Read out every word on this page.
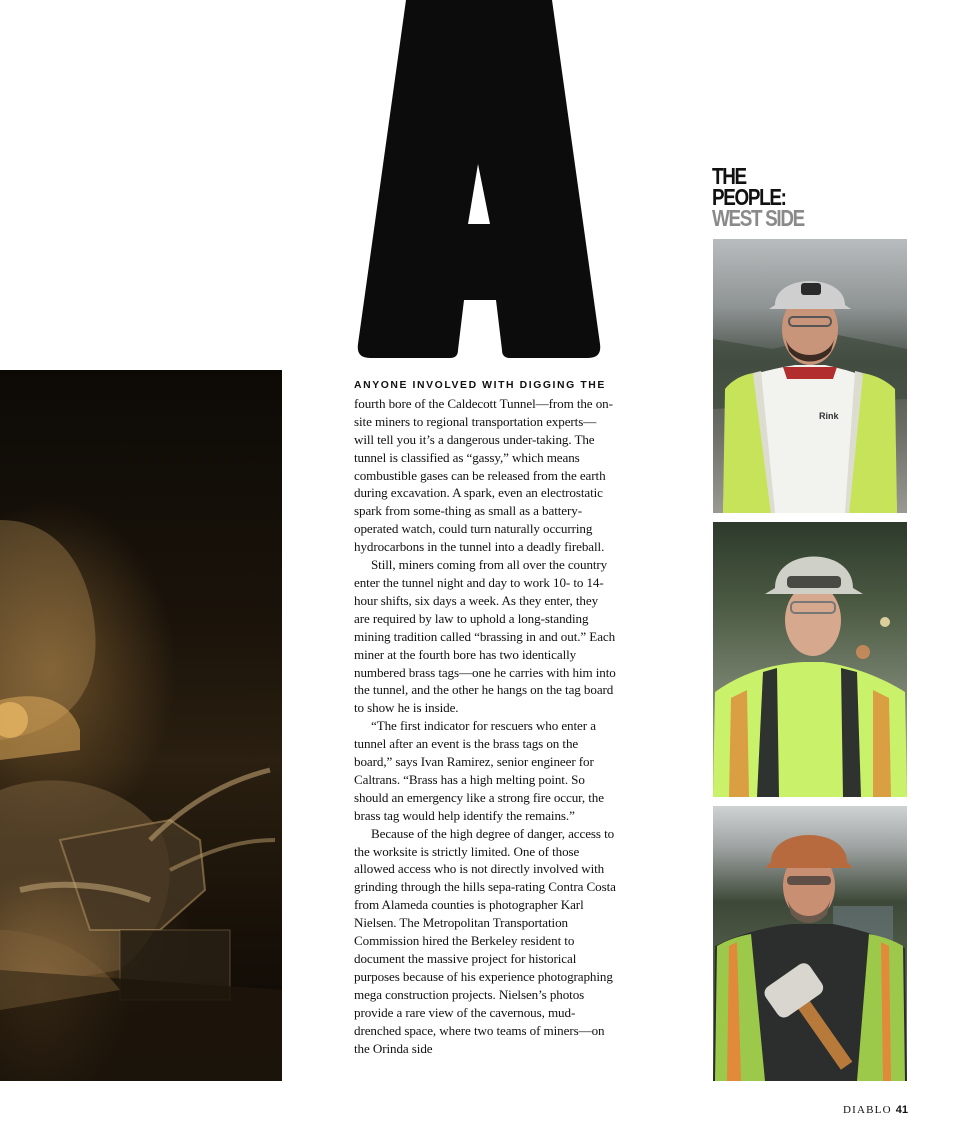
ANYONE INVOLVED WITH DIGGING THE fourth bore of the Caldecott Tunnel—from the on-site miners to regional transportation experts—will tell you it’s a dangerous under-taking. The tunnel is classified as “gassy,” which means combustible gases can be released from the earth during excavation. A spark, even an electrostatic spark from some-thing as small as a battery-operated watch, could turn naturally occurring hydrocarbons in the tunnel into a deadly fireball.

Still, miners coming from all over the country enter the tunnel night and day to work 10- to 14-hour shifts, six days a week. As they enter, they are required by law to uphold a long-standing mining tradition called “brassing in and out.” Each miner at the fourth bore has two identically numbered brass tags—one he carries with him into the tunnel, and the other he hangs on the tag board to show he is inside.

“The first indicator for rescuers who enter a tunnel after an event is the brass tags on the board,” says Ivan Ramirez, senior engineer for Caltrans. “Brass has a high melting point. So should an emergency like a strong fire occur, the brass tag would help identify the remains.”

Because of the high degree of danger, access to the worksite is strictly limited. One of those allowed access who is not directly involved with grinding through the hills sepa-rating Contra Costa from Alameda counties is photographer Karl Nielsen. The Metropolitan Transportation Commission hired the Berkeley resident to document the massive project for historical purposes because of his experience photographing mega construction projects. Nielsen’s photos provide a rare view of the cavernous, mud-drenched space, where two teams of miners—on the Orinda side

THE
PEOPLE:
WEST SIDE
Rink
DIABLO 41
